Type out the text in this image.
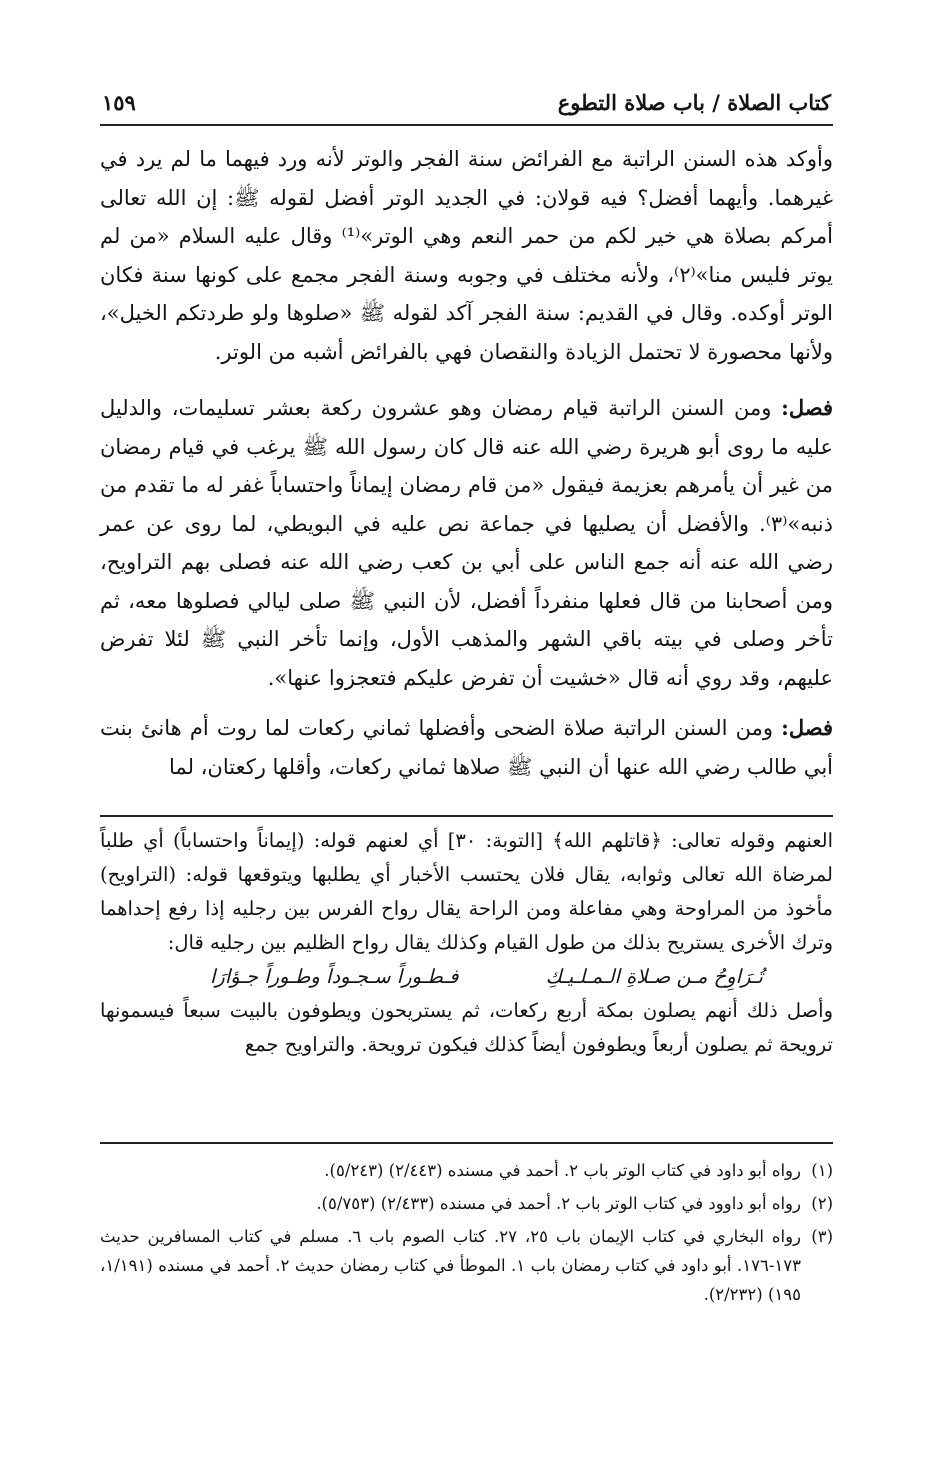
كتاب الصلاة / باب صلاة التطوع
١٥٩

وأوكد هذه السنن الراتبة مع الفرائض سنة الفجر والوتر لأنه ورد فيهما ما لم يرد في غيرهما. وأيهما أفضل؟ فيه قولان: في الجديد الوتر أفضل لقوله ﷺ: إن الله تعالى أمركم بصلاة هي خير لكم من حمر النعم وهي الوتر»⁽¹⁾ وقال عليه السلام «من لم يوتر فليس منا»⁽٢⁾، ولأنه مختلف في وجوبه وسنة الفجر مجمع على كونها سنة فكان الوتر أوكده. وقال في القديم: سنة الفجر آكد لقوله ﷺ «صلوها ولو طردتكم الخيل»، ولأنها محصورة لا تحتمل الزيادة والنقصان فهي بالفرائض أشبه من الوتر.

فصل: ومن السنن الراتبة قيام رمضان وهو عشرون ركعة بعشر تسليمات، والدليل عليه ما روى أبو هريرة رضي الله عنه قال كان رسول الله ﷺ يرغب في قيام رمضان من غير أن يأمرهم بعزيمة فيقول «من قام رمضان إيماناً واحتساباً غفر له ما تقدم من ذنبه»⁽٣⁾. والأفضل أن يصليها في جماعة نص عليه في البويطي، لما روى عن عمر رضي الله عنه أنه جمع الناس على أبي بن كعب رضي الله عنه فصلى بهم التراويح، ومن أصحابنا من قال فعلها منفرداً أفضل، لأن النبي ﷺ صلى ليالي فصلوها معه، ثم تأخر وصلى في بيته باقي الشهر والمذهب الأول، وإنما تأخر النبي ﷺ لئلا تفرض عليهم، وقد روي أنه قال «خشيت أن تفرض عليكم فتعجزوا عنها».

فصل: ومن السنن الراتبة صلاة الضحى وأفضلها ثماني ركعات لما روت أم هانئ بنت أبي طالب رضي الله عنها أن النبي ﷺ صلاها ثماني ركعات، وأقلها ركعتان، لما

العنهم وقوله تعالى: ﴿قاتلهم الله﴾ [التوبة: ٣٠] أي لعنهم قوله: (إيماناً واحتساباً) أي طلباً لمرضاة الله تعالى وثوابه، يقال فلان يحتسب الأخبار أي يطلبها ويتوقعها قوله: (التراويح) مأخوذ من المراوحة وهي مفاعلة ومن الراحة يقال رواح الفرس بين رجليه إذا رفع إحداهما وترك الأخرى يستريح بذلك من طول القيام وكذلك يقال رواح الظليم بين رجليه قال:

تُـرَاوِحُ مـن صـلاةِ الـمـلـيـكِ
فـطـوراً سـجـوداً وطـوراً جـؤارَا

وأصل ذلك أنهم يصلون بمكة أربع ركعات، ثم يستريحون ويطوفون بالبيت سبعاً فيسمونها ترويحة ثم يصلون أربعاً ويطوفون أيضاً كذلك فيكون ترويحة. والتراويح جمع

(١)
رواه أبو داود في كتاب الوتر باب ٢. أحمد في مسنده (٢/٤٤٣) (٥/٢٤٣).
(٢)
رواه أبو داوود في كتاب الوتر باب ٢. أحمد في مسنده (٢/٤٣٣) (٥/٧٥٣).
(٣)
رواه البخاري في كتاب الإيمان باب ٢٥، ٢٧. كتاب الصوم باب ٦. مسلم في كتاب المسافرين حديث ١٧٣-١٧٦. أبو داود في كتاب رمضان باب ١. الموطأ في كتاب رمضان حديث ٢. أحمد في مسنده (١/١٩١، ١٩٥) (٢/٢٣٢).
